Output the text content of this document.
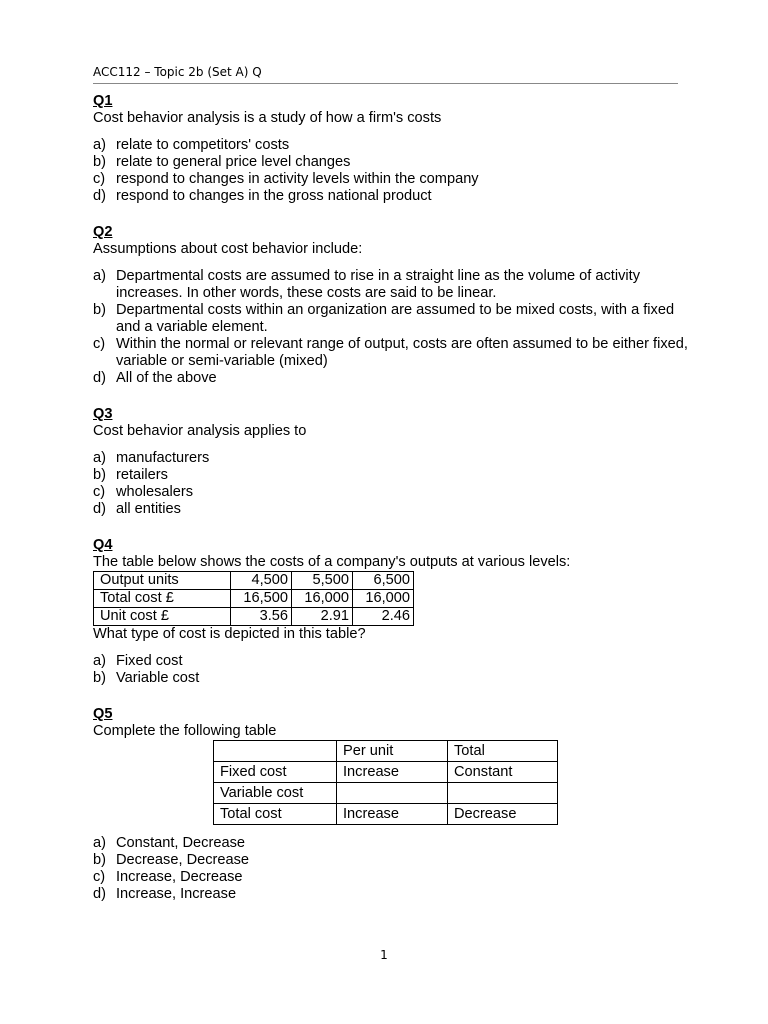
ACC112 – Topic 2b (Set A) Q
Q1
Cost behavior analysis is a study of how a firm's costs
a) relate to competitors' costs
b) relate to general price level changes
c) respond to changes in activity levels within the company
d) respond to changes in the gross national product
Q2
Assumptions about cost behavior include:
a) Departmental costs are assumed to rise in a straight line as the volume of activity increases. In other words, these costs are said to be linear.
b) Departmental costs within an organization are assumed to be mixed costs, with a fixed and a variable element.
c) Within the normal or relevant range of output, costs are often assumed to be either fixed, variable or semi-variable (mixed)
d) All of the above
Q3
Cost behavior analysis applies to
a) manufacturers
b) retailers
c) wholesalers
d) all entities
Q4
The table below shows the costs of a company's outputs at various levels:
Output units	4,500	5,500	6,500
Total cost £	16,500	16,000	16,000
Unit cost £	3.56	2.91	2.46
What type of cost is depicted in this table?
a) Fixed cost
b) Variable cost
Q5
Complete the following table
	Per unit	Total
Fixed cost	Increase	Constant
Variable cost		
Total cost	Increase	Decrease
a) Constant, Decrease
b) Decrease, Decrease
c) Increase, Decrease
d) Increase, Increase
1
